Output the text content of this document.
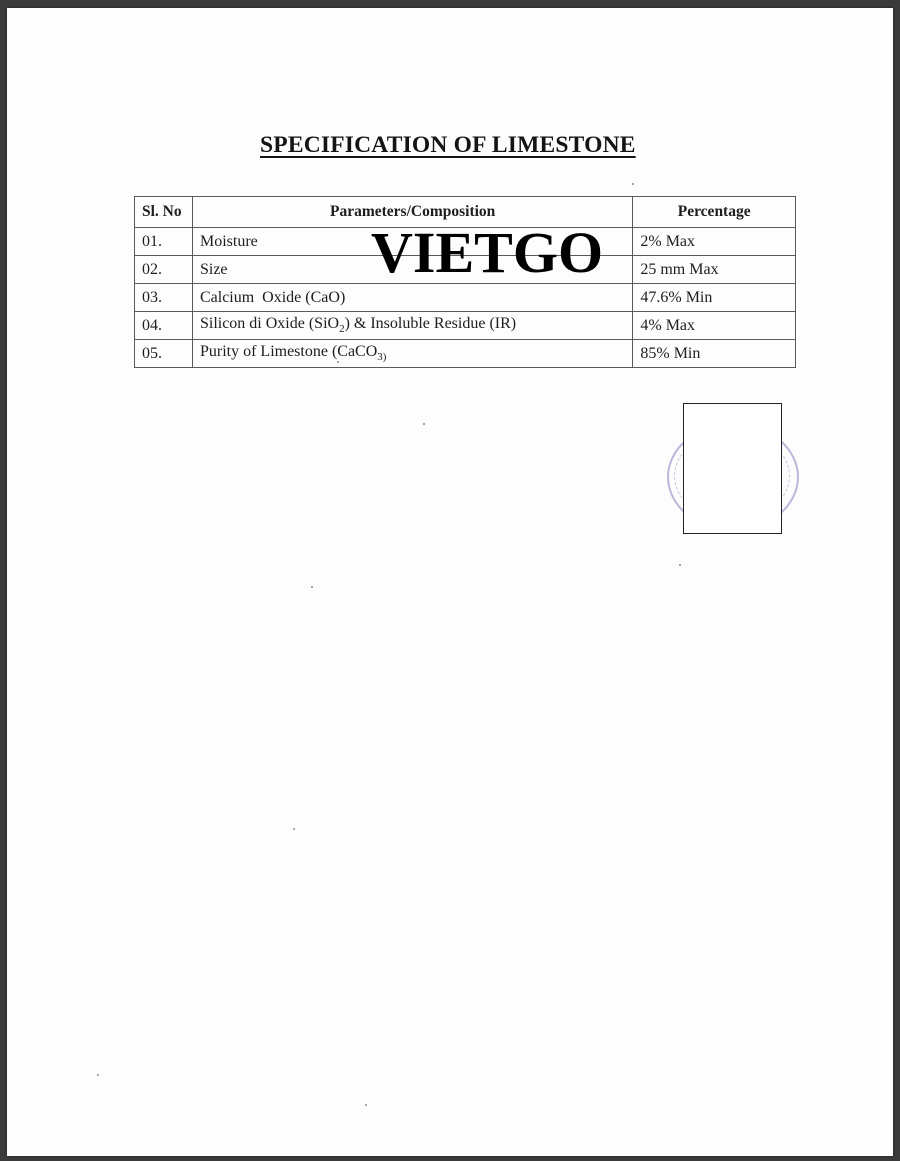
SPECIFICATION OF LIMESTONE
Sl. No	Parameters/Composition	Percentage
01.	Moisture	2% Max
02.	Size	25 mm Max
03.	Calcium  Oxide (CaO)	47.6% Min
04.	Silicon di Oxide (SiO$_2$) & Insoluble Residue (IR)	4% Max
05.	Purity of Limestone (CaCO$_{3)}$	85% Min
VIETGO
